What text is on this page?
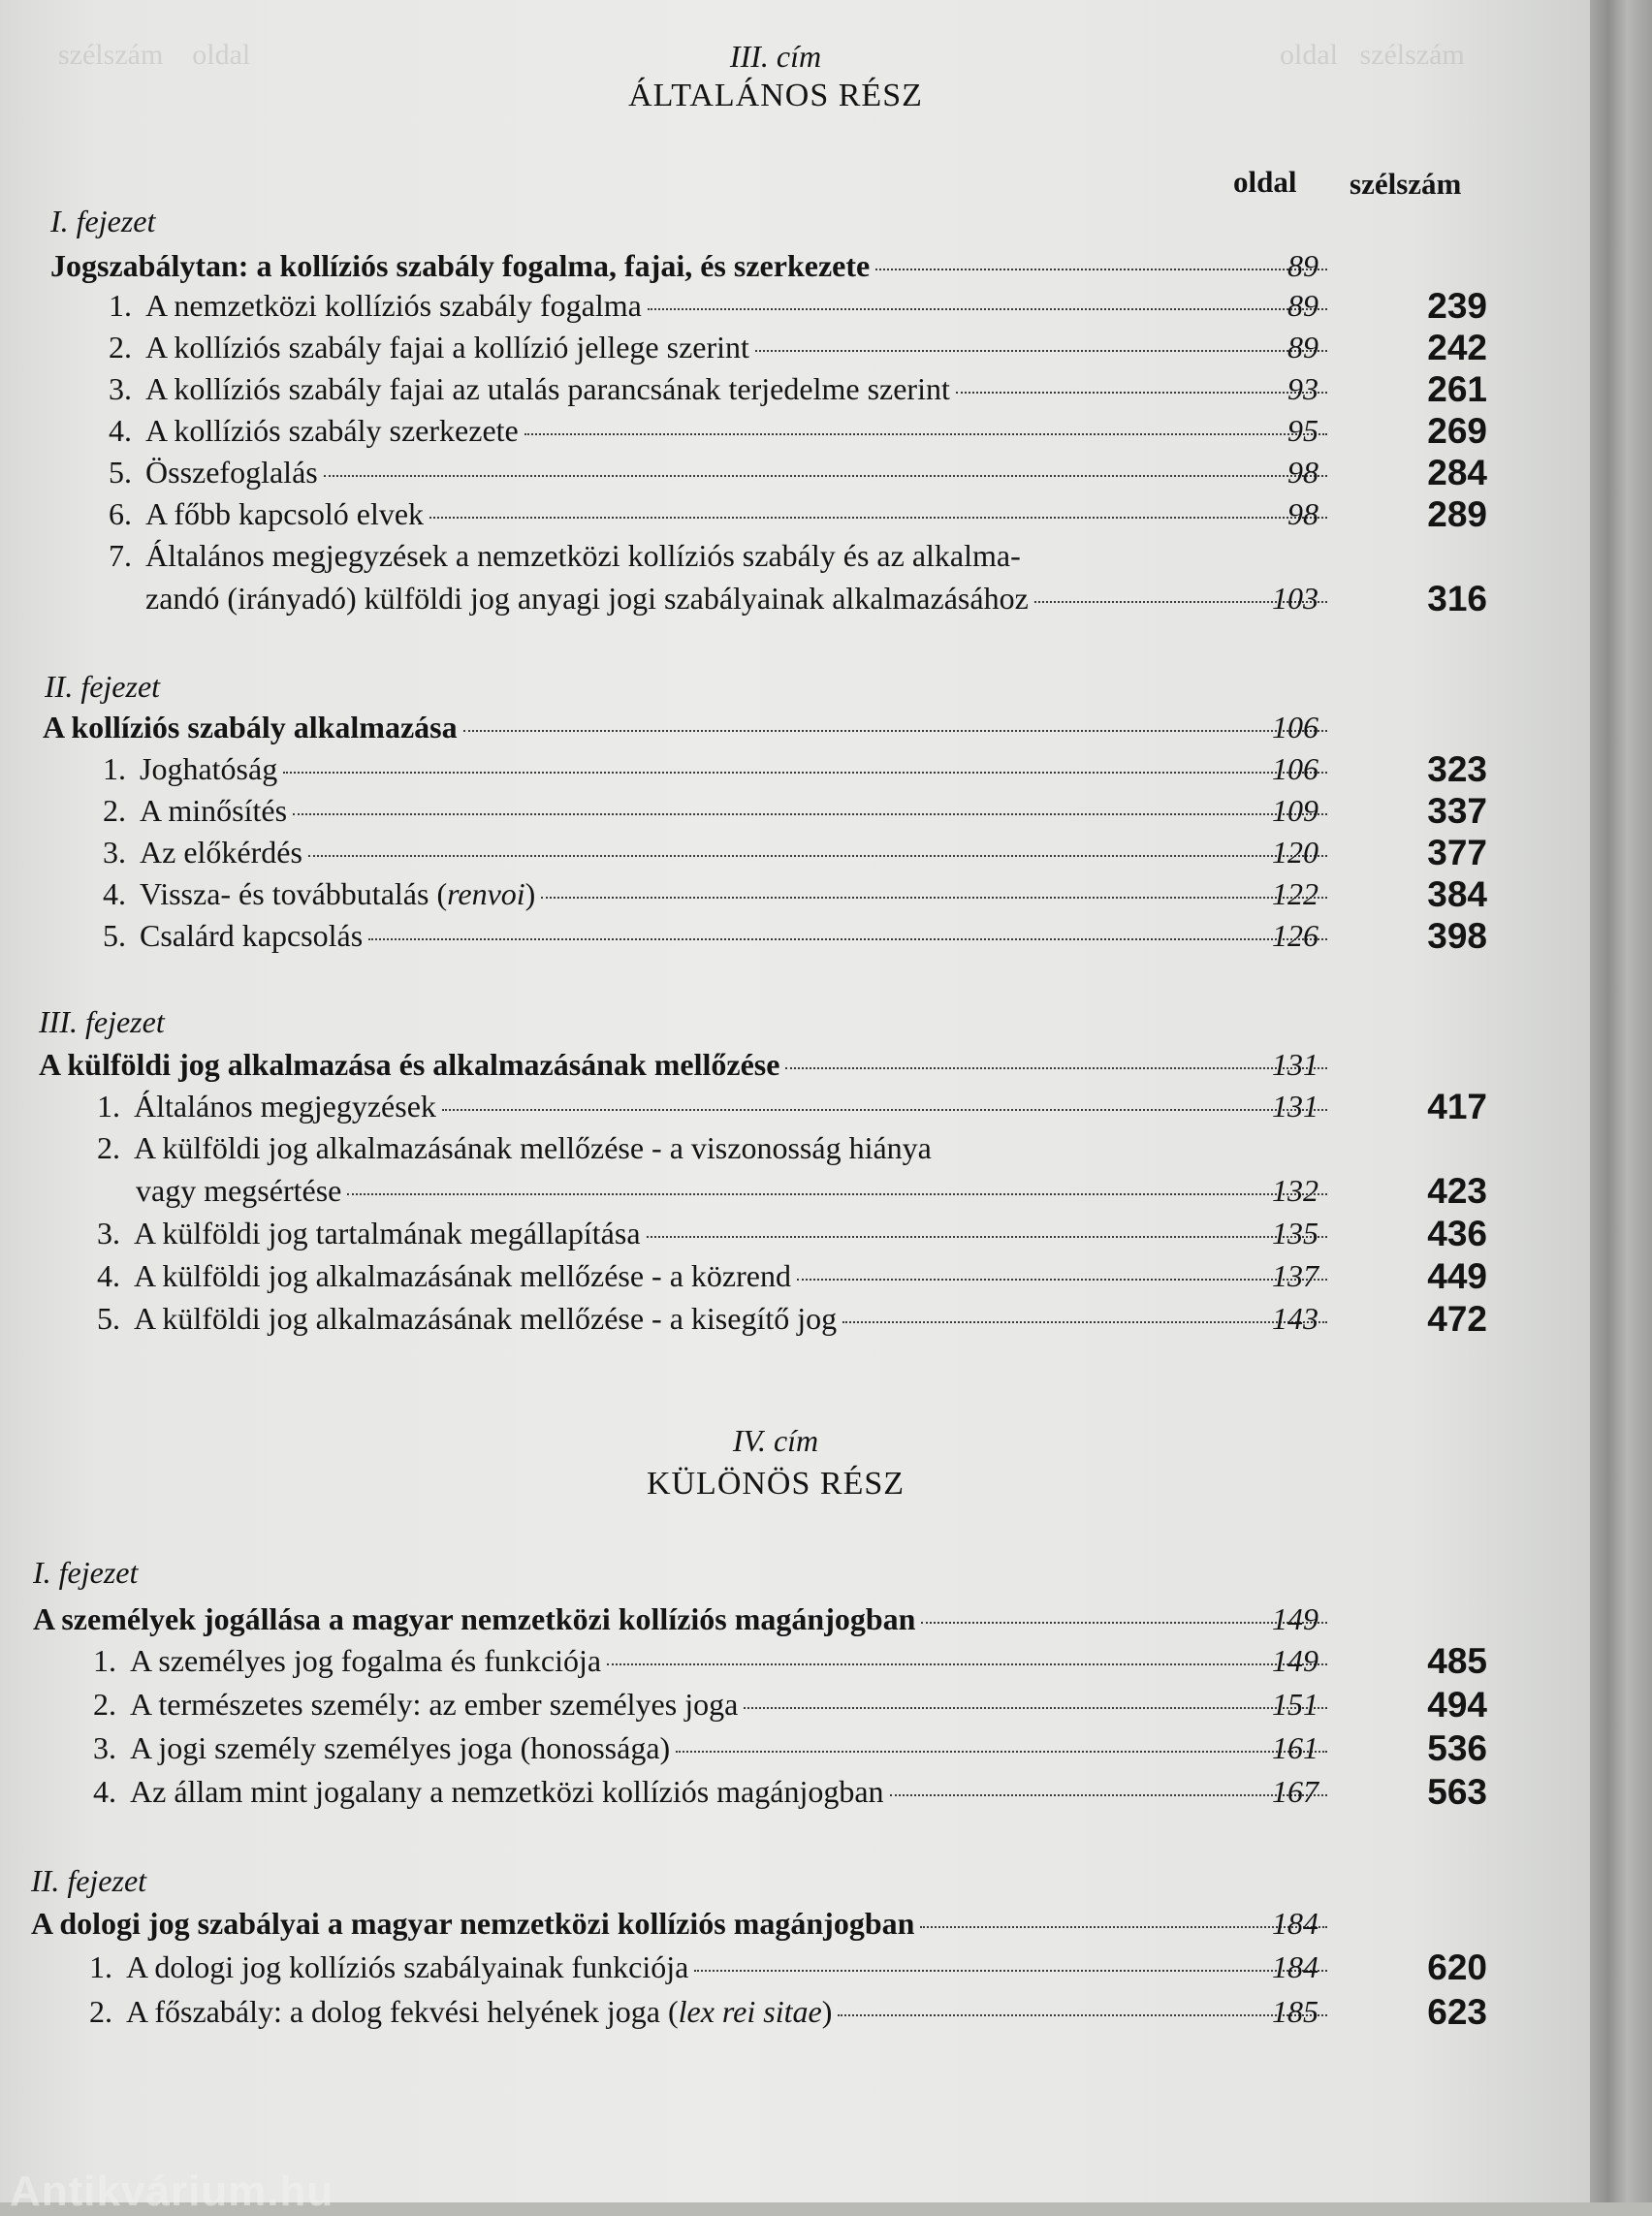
szélszám    oldal	oldal   szélszám

III. cím

ÁLTALÁNOS RÉSZ

oldal szélszám

I. fejezet

Jogszabálytan: a kollíziós szabály fogalma, fajai, és szerkezete	89
1. A nemzetközi kollíziós szabály fogalma	89	239
2. A kollíziós szabály fajai a kollízió jellege szerint	89	242
3. A kollíziós szabály fajai az utalás parancsának terjedelme szerint	93	261
4. A kollíziós szabály szerkezete	95	269
5. Összefoglalás	98	284
6. A főbb kapcsoló elvek	98	289
7. Általános megjegyzések a nemzetközi kollíziós szabály és az alkalma-
zandó (irányadó) külföldi jog anyagi jogi szabályainak alkalmazásához	103	316

II. fejezet

A kollíziós szabály alkalmazása	106
1. Joghatóság	106	323
2. A minősítés	109	337
3. Az előkérdés	120	377
4. Vissza- és továbbutalás (renvoi)	122	384
5. Csalárd kapcsolás	126	398

III. fejezet

A külföldi jog alkalmazása és alkalmazásának mellőzése	131
1. Általános megjegyzések	131	417
2. A külföldi jog alkalmazásának mellőzése - a viszonosság hiánya
vagy megsértése	132	423
3. A külföldi jog tartalmának megállapítása	135	436
4. A külföldi jog alkalmazásának mellőzése - a közrend	137	449
5. A külföldi jog alkalmazásának mellőzése - a kisegítő jog	143	472

IV. cím

KÜLÖNÖS RÉSZ

I. fejezet

A személyek jogállása a magyar nemzetközi kollíziós magánjogban	149
1. A személyes jog fogalma és funkciója	149	485
2. A természetes személy: az ember személyes joga	151	494
3. A jogi személy személyes joga (honossága)	161	536
4. Az állam mint jogalany a nemzetközi kollíziós magánjogban	167	563

II. fejezet

A dologi jog szabályai a magyar nemzetközi kollíziós magánjogban	184
1. A dologi jog kollíziós szabályainak funkciója	184	620
2. A főszabály: a dolog fekvési helyének joga (lex rei sitae)	185	623
Antikvárium.hu
